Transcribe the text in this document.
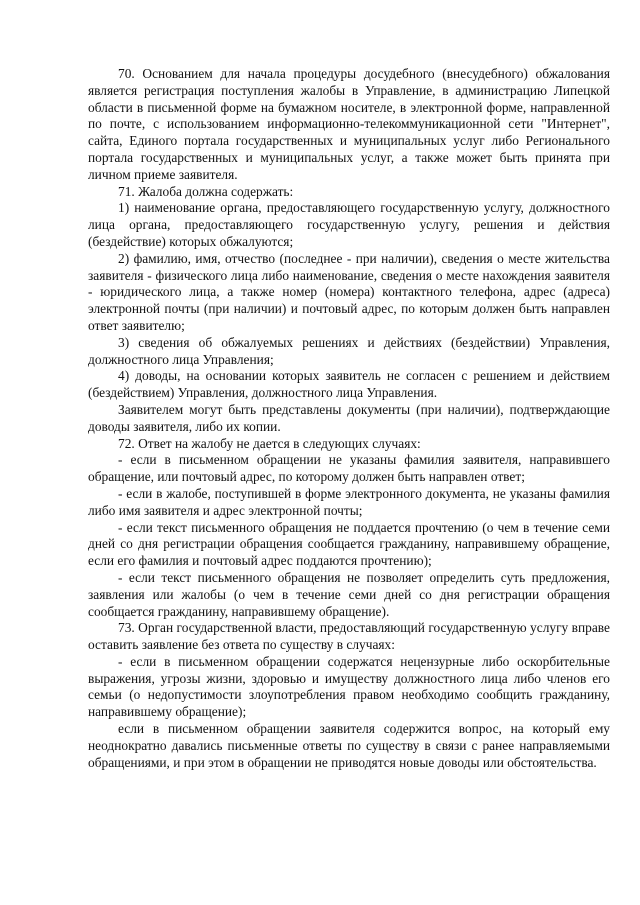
70. Основанием для начала процедуры досудебного (внесудебного) обжалования является регистрация поступления жалобы в Управление, в администрацию Липецкой области в письменной форме на бумажном носителе, в электронной форме, направленной по почте, с использованием информационно-телекоммуникационной сети "Интернет", сайта, Единого портала государственных и муниципальных услуг либо Регионального портала государственных и муниципальных услуг, а также может быть принята при личном приеме заявителя.

71. Жалоба должна содержать:

1) наименование органа, предоставляющего государственную услугу, должностного лица органа, предоставляющего государственную услугу, решения и действия (бездействие) которых обжалуются;

2) фамилию, имя, отчество (последнее - при наличии), сведения о месте жительства заявителя - физического лица либо наименование, сведения о месте нахождения заявителя - юридического лица, а также номер (номера) контактного телефона, адрес (адреса) электронной почты (при наличии) и почтовый адрес, по которым должен быть направлен ответ заявителю;

3) сведения об обжалуемых решениях и действиях (бездействии) Управления, должностного лица Управления;

4) доводы, на основании которых заявитель не согласен с решением и действием (бездействием) Управления, должностного лица Управления.

Заявителем могут быть представлены документы (при наличии), подтверждающие доводы заявителя, либо их копии.

72. Ответ на жалобу не дается в следующих случаях:

- если в письменном обращении не указаны фамилия заявителя, направившего обращение, или почтовый адрес, по которому должен быть направлен ответ;

- если в жалобе, поступившей в форме электронного документа, не указаны фамилия либо имя заявителя и адрес электронной почты;

- если текст письменного обращения не поддается прочтению (о чем в течение семи дней со дня регистрации обращения сообщается гражданину, направившему обращение, если его фамилия и почтовый адрес поддаются прочтению);

- если текст письменного обращения не позволяет определить суть предложения, заявления или жалобы (о чем в течение семи дней со дня регистрации обращения сообщается гражданину, направившему обращение).

73. Орган государственной власти, предоставляющий государственную услугу вправе оставить заявление без ответа по существу в случаях:

- если в письменном обращении содержатся нецензурные либо оскорбительные выражения, угрозы жизни, здоровью и имуществу должностного лица либо членов его семьи (о недопустимости злоупотребления правом необходимо сообщить гражданину, направившему обращение);

если в письменном обращении заявителя содержится вопрос, на который ему неоднократно давались письменные ответы по существу в связи с ранее направляемыми обращениями, и при этом в обращении не приводятся новые доводы или обстоятельства.
